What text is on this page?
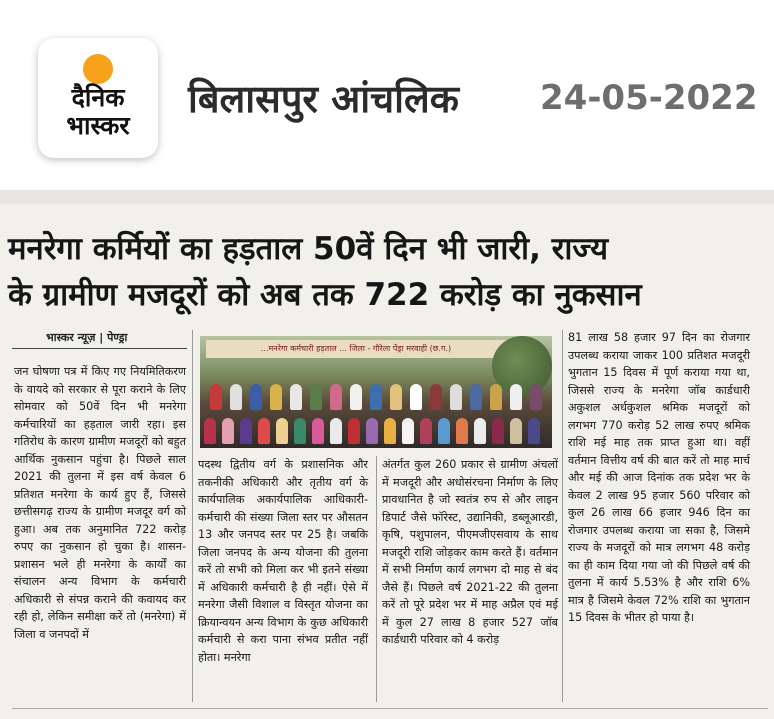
दैनिक
भास्कर
बिलासपुर आंचलिक 24-05-2022
मनरेगा कर्मियों का हड़ताल 50वें दिन भी जारी, राज्य
के ग्रामीण मजदूरों को अब तक 722 करोड़ का नुकसान
भास्कर न्यूज़ | पेण्ड्रा
...मनरेगा कर्मचारी हड़ताल ... जिला - गौरेला पेंड्रा मरवाही (छ.ग.)

जन घोषणा पत्र में किए गए नियमितिकरण के वायदे को सरकार से पूरा कराने के लिए सोमवार को 50वें दिन भी मनरेगा कर्मचारियों का हड़ताल जारी रहा। इस गतिरोध के कारण ग्रामीण मजदूरों को बहुत आर्थिक नुकसान पहुंचा है। पिछले साल 2021 की तुलना में इस वर्ष केवल 6 प्रतिशत मनरेगा के कार्य हुए हैं, जिससे छत्तीसगढ़ राज्य के ग्रामीण मजदूर वर्ग को हुआ। अब तक अनुमानित 722 करोड़ रुपए का नुकसान हो चुका है। शासन-प्रशासन भले ही मनरेगा के कार्यों का संचालन अन्य विभाग के कर्मचारी अधिकारी से संपन्न कराने की कवायद कर रही हो, लेकिन समीक्षा करें तो (मनरेगा) में जिला व जनपदों में

पदस्थ द्वितीय वर्ग के प्रशासनिक और तकनीकी अधिकारी और तृतीय वर्ग के कार्यपालिक अकार्यपालिक आधिकारी-कर्मचारी की संख्या जिला स्तर पर औसतन 13 और जनपद स्तर पर 25 है। जबकि जिला जनपद के अन्य योजना की तुलना करें तो सभी को मिला कर भी इतने संख्या में अधिकारी कर्मचारी है ही नहीं। ऐसे में मनरेगा जैसी विशाल व विस्तृत योजना का क्रियान्वयन अन्य विभाग के कुछ अधिकारी कर्मचारी से करा पाना संभव प्रतीत नहीं होता। मनरेगा

अंतर्गत कुल 260 प्रकार से ग्रामीण अंचलों में मजदूरी और अधोसंरचना निर्माण के लिए प्रावधानित है जो स्वतंत्र रुप से और लाइन डिपार्ट जैसे फॉरेस्ट, उद्यानिकी, डब्लूआरडी, कृषि, पशुपालन, पीएमजीएसवाय के साथ मजदूरी राशि जोड़कर काम करते हैं। वर्तमान में सभी निर्माण कार्य लगभग दो माह से बंद जैसे हैं। पिछले वर्ष 2021-22 की तुलना करें तो पूरे प्रदेश भर में माह अप्रैल एवं मई में कुल 27 लाख 8 हजार 527 जॉब कार्डधारी परिवार को 4 करोड़

81 लाख 58 हजार 97 दिन का रोजगार उपलब्ध कराया जाकर 100 प्रतिशत मजदूरी भुगतान 15 दिवस में पूर्ण कराया गया था, जिससे राज्य के मनरेगा जॉब कार्डधारी अकुशल अर्धकुशल श्रमिक मजदूरों को लगभग 770 करोड़ 52 लाख रुपए श्रमिक राशि मई माह तक प्राप्त हुआ था। वहीं वर्तमान वित्तीय वर्ष की बात करें तो माह मार्च और मई की आज दिनांक तक प्रदेश भर के केवल 2 लाख 95 हजार 560 परिवार को कुल 26 लाख 66 हजार 946 दिन का रोजगार उपलब्ध कराया जा सका है, जिसमे राज्य के मजदूरों को मात्र लगभग 48 करोड़ का ही काम दिया गया जो की पिछले वर्ष की तुलना में कार्य 5.53% है और राशि 6% मात्र है जिसमे केवल 72% राशि का भुगतान 15 दिवस के भीतर हो पाया है।
